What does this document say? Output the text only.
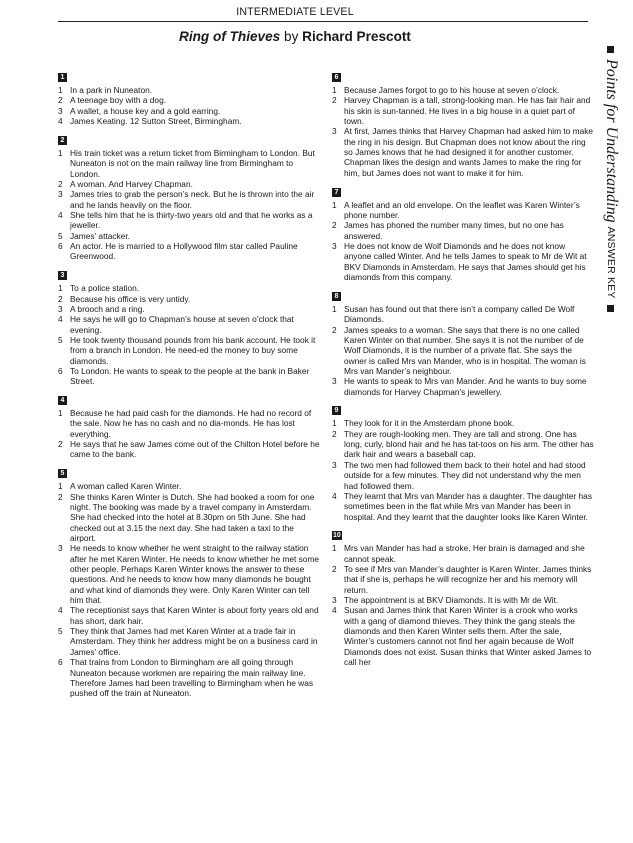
INTERMEDIATE LEVEL
Ring of Thieves by Richard Prescott
1
1 In a park in Nuneaton.
2 A teenage boy with a dog.
3 A wallet, a house key and a gold earring.
4 James Keating. 12 Sutton Street, Birmingham.
2
1 His train ticket was a return ticket from Birmingham to London. But Nuneaton is not on the main railway line from Birmingham to London.
2 A woman. And Harvey Chapman.
3 James tries to grab the person’s neck. But he is thrown into the air and he lands heavily on the floor.
4 She tells him that he is thirty-two years old and that he works as a jeweller.
5 James’ attacker.
6 An actor. He is married to a Hollywood film star called Pauline Greenwood.
3
1 To a police station.
2 Because his office is very untidy.
3 A brooch and a ring.
4 He says he will go to Chapman’s house at seven o’clock that evening.
5 He took twenty thousand pounds from his bank account. He took it from a branch in London. He need-ed the money to buy some diamonds.
6 To London. He wants to speak to the people at the bank in Baker Street.
4
1 Because he had paid cash for the diamonds. He had no record of the sale. Now he has no cash and no dia-monds. He has lost everything.
2 He says that he saw James come out of the Chilton Hotel before he came to the bank.
5
1 A woman called Karen Winter.
2 She thinks Karen Winter is Dutch. She had booked a room for one night. The booking was made by a travel company in Amsterdam. She had checked into the hotel at 8.30pm on 5th June. She had checked out at 3.15 the next day. She had taken a taxi to the airport.
3 He needs to know whether he went straight to the railway station after he met Karen Winter. He needs to know whether he met some other people. Perhaps Karen Winter knows the answer to these questions. And he needs to know how many diamonds he bought and what kind of diamonds they were. Only Karen Winter can tell him that.
4 The receptionist says that Karen Winter is about forty years old and has short, dark hair.
5 They think that James had met Karen Winter at a trade fair in Amsterdam. They think her address might be on a business card in James’ office.
6 That trains from London to Birmingham are all going through Nuneaton because workmen are repairing the main railway line. Therefore James had been travelling to Birmingham when he was pushed off the train at Nuneaton.
6
1 Because James forgot to go to his house at seven o’clock.
2 Harvey Chapman is a tall, strong-looking man. He has fair hair and his skin is sun-tanned. He lives in a big house in a quiet part of town.
3 At first, James thinks that Harvey Chapman had asked him to make the ring in his design. But Chapman does not know about the ring so James knows that he had designed it for another customer. Chapman likes the design and wants James to make the ring for him, but James does not want to make it for him.
7
1 A leaflet and an old envelope. On the leaflet was Karen Winter’s phone number.
2 James has phoned the number many times, but no one has answered.
3 He does not know de Wolf Diamonds and he does not know anyone called Winter. And he tells James to speak to Mr de Wit at BKV Diamonds in Amsterdam. He says that James should get his diamonds from this company.
8
1 Susan has found out that there isn’t a company called De Wolf Diamonds.
2 James speaks to a woman. She says that there is no one called Karen Winter on that number. She says it is not the number of de Wolf Diamonds, it is the number of a private flat. She says the owner is called Mrs van Mander, who is in hospital. The woman is Mrs van Mander’s neighbour.
3 He wants to speak to Mrs van Mander. And he wants to buy some diamonds for Harvey Chapman’s jewellery.
9
1 They look for it in the Amsterdam phone book.
2 They are rough-looking men. They are tall and strong. One has long, curly, blond hair and he has tat-toos on his arm. The other has dark hair and wears a baseball cap.
3 The two men had followed them back to their hotel and had stood outside for a few minutes. They did not understand why the men had followed them.
4 They learnt that Mrs van Mander has a daughter. The daughter has sometimes been in the flat while Mrs van Mander has been in hospital. And they learnt that the daughter looks like Karen Winter.
10
1 Mrs van Mander has had a stroke. Her brain is damaged and she cannot speak.
2 To see if Mrs van Mander’s daughter is Karen Winter. James thinks that if she is, perhaps he will recognize her and his memory will return.
3 The appointment is at BKV Diamonds. It is with Mr de Wit.
4 Susan and James think that Karen Winter is a crook who works with a gang of diamond thieves. They think the gang steals the diamonds and then Karen Winter sells them. After the sale, Winter’s customers cannot not find her again because de Wolf Diamonds does not exist. Susan thinks that Winter asked James to call her
Points for UnderstandingANSWER KEY
